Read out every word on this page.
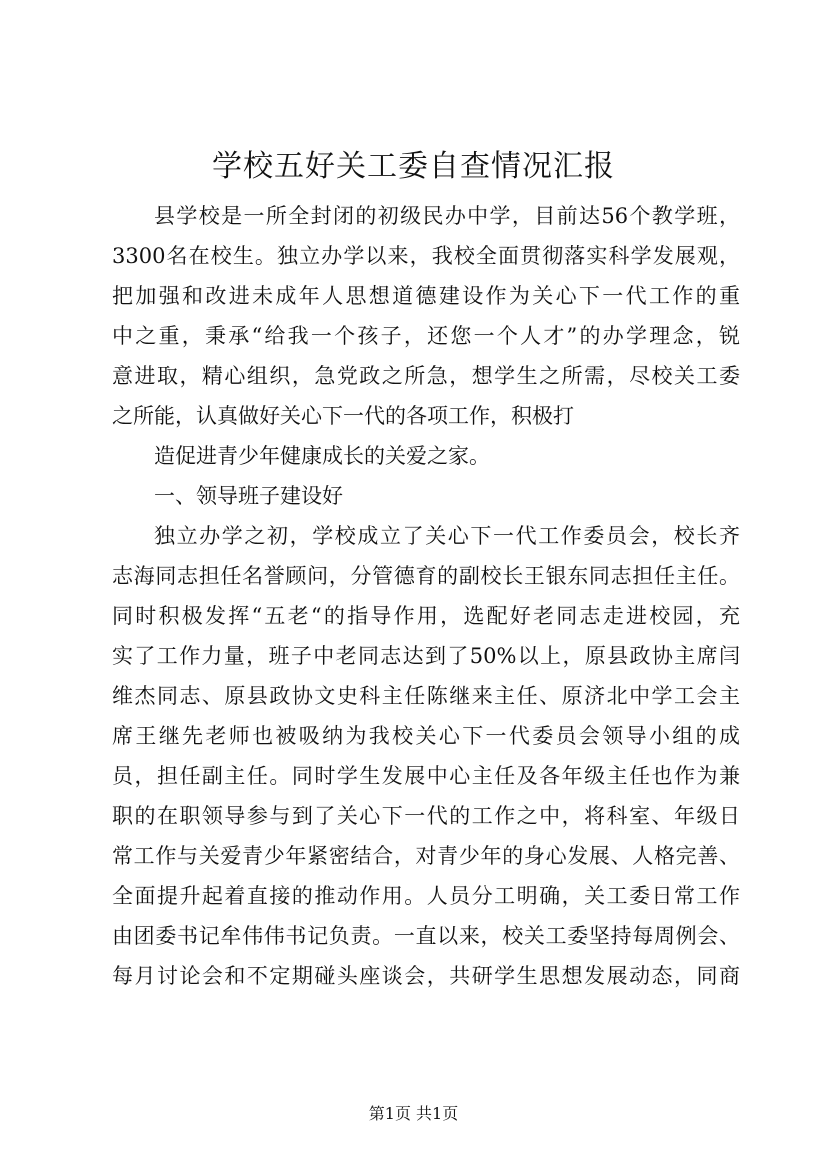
学校五好关工委自查情况汇报
县学校是一所全封闭的初级民办中学，目前达56个教学班，
3300名在校生。独立办学以来，我校全面贯彻落实科学发展观，
把加强和改进未成年人思想道德建设作为关心下一代工作的重
中之重，秉承“给我一个孩子，还您一个人才”的办学理念，锐
意进取，精心组织，急党政之所急，想学生之所需，尽校关工委
之所能，认真做好关心下一代的各项工作，积极打
造促进青少年健康成长的关爱之家。
一、领导班子建设好
独立办学之初，学校成立了关心下一代工作委员会，校长齐
志海同志担任名誉顾问，分管德育的副校长王银东同志担任主任。
同时积极发挥“五老“的指导作用，选配好老同志走进校园，充
实了工作力量，班子中老同志达到了50%以上，原县政协主席闫
维杰同志、原县政协文史科主任陈继来主任、原济北中学工会主
席王继先老师也被吸纳为我校关心下一代委员会领导小组的成
员，担任副主任。同时学生发展中心主任及各年级主任也作为兼
职的在职领导参与到了关心下一代的工作之中，将科室、年级日
常工作与关爱青少年紧密结合，对青少年的身心发展、人格完善、
全面提升起着直接的推动作用。人员分工明确，关工委日常工作
由团委书记牟伟伟书记负责。一直以来，校关工委坚持每周例会、
每月讨论会和不定期碰头座谈会，共研学生思想发展动态，同商
第1页 共1页
